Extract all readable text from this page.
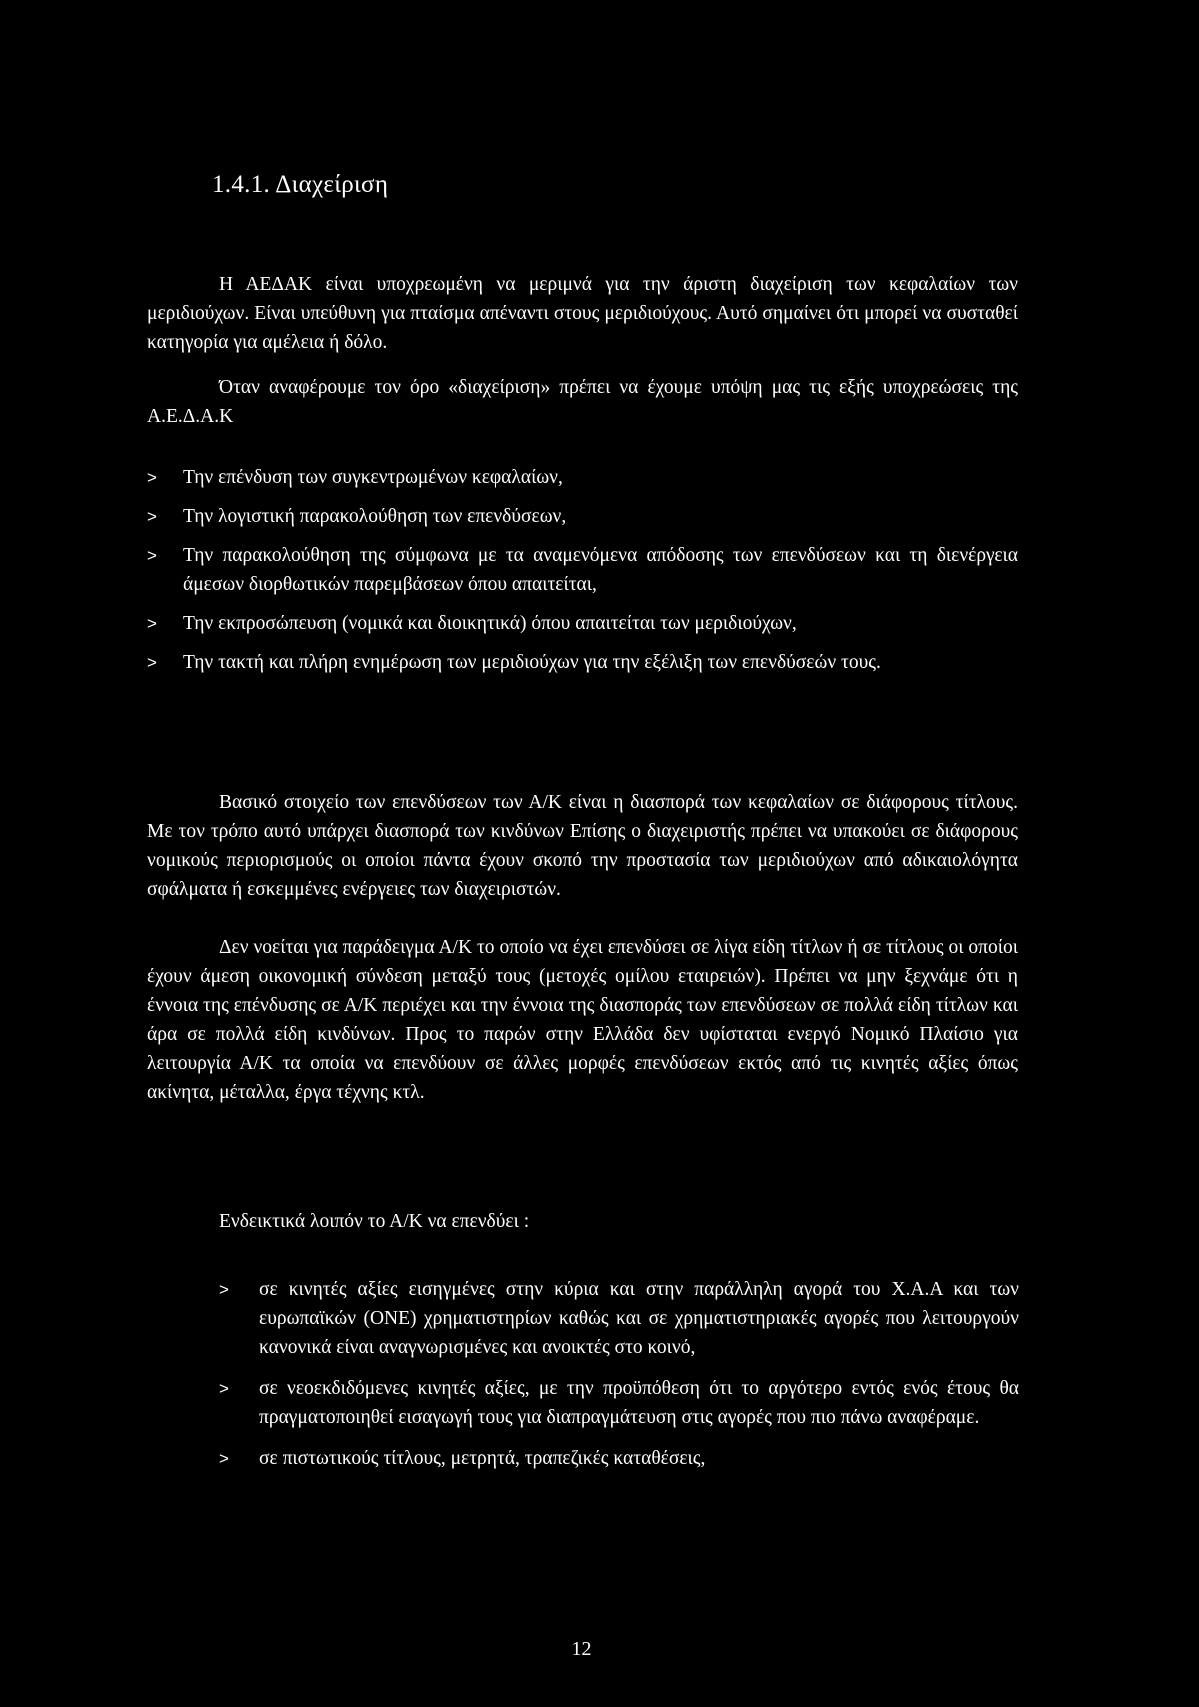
1.4.1. Διαχείριση

Η ΑΕΔΑΚ είναι υποχρεωμένη να μεριμνά για την άριστη διαχείριση των κεφαλαίων των μεριδιούχων. Είναι υπεύθυνη για πταίσμα απέναντι στους μεριδιούχους. Αυτό σημαίνει ότι μπορεί να συσταθεί κατηγορία για αμέλεια ή δόλο.

Όταν αναφέρουμε τον όρο «διαχείριση» πρέπει να έχουμε υπόψη μας τις εξής υποχρεώσεις της Α.Ε.Δ.Α.Κ

>	Την επένδυση των συγκεντρωμένων κεφαλαίων,
>	Την λογιστική παρακολούθηση των επενδύσεων,
>	Την παρακολούθηση της σύμφωνα με τα αναμενόμενα απόδοσης των επενδύσεων και τη διενέργεια άμεσων διορθωτικών παρεμβάσεων όπου απαιτείται,
>	Την εκπροσώπευση (νομικά και διοικητικά) όπου απαιτείται των μεριδιούχων,
>	Την τακτή και πλήρη ενημέρωση των μεριδιούχων για την εξέλιξη των επενδύσεών τους.

Βασικό στοιχείο των επενδύσεων των Α/Κ είναι η διασπορά των κεφαλαίων σε διάφορους τίτλους. Με τον τρόπο αυτό υπάρχει διασπορά των κινδύνων Επίσης ο διαχειριστής πρέπει να υπακούει σε διάφορους νομικούς περιορισμούς οι οποίοι πάντα έχουν σκοπό την προστασία των μεριδιούχων από αδικαιολόγητα σφάλματα ή εσκεμμένες ενέργειες των διαχειριστών.

Δεν νοείται για παράδειγμα Α/Κ το οποίο να έχει επενδύσει σε λίγα είδη τίτλων ή σε τίτλους οι οποίοι έχουν άμεση οικονομική σύνδεση μεταξύ τους (μετοχές ομίλου εταιρειών). Πρέπει να μην ξεχνάμε ότι η έννοια της επένδυσης σε Α/Κ περιέχει και την έννοια της διασποράς των επενδύσεων σε πολλά είδη τίτλων και άρα σε πολλά είδη κινδύνων. Προς το παρών στην Ελλάδα δεν υφίσταται ενεργό Νομικό Πλαίσιο για λειτουργία Α/Κ τα οποία να επενδύουν σε άλλες μορφές επενδύσεων εκτός από τις κινητές αξίες όπως ακίνητα, μέταλλα, έργα τέχνης κτλ.

Ενδεικτικά λοιπόν το Α/Κ να επενδύει :
>	σε κινητές αξίες εισηγμένες στην κύρια και στην παράλληλη αγορά του Χ.Α.Α και των ευρωπαϊκών (ΟΝΕ) χρηματιστηρίων καθώς και σε χρηματιστηριακές αγορές που λειτουργούν κανονικά είναι αναγνωρισμένες και ανοικτές στο κοινό,
>	σε νεοεκδιδόμενες κινητές αξίες, με την προϋπόθεση ότι το αργότερο εντός ενός έτους θα πραγματοποιηθεί εισαγωγή τους για διαπραγμάτευση στις αγορές που πιο πάνω αναφέραμε.
>	σε πιστωτικούς τίτλους, μετρητά, τραπεζικές καταθέσεις,
12
